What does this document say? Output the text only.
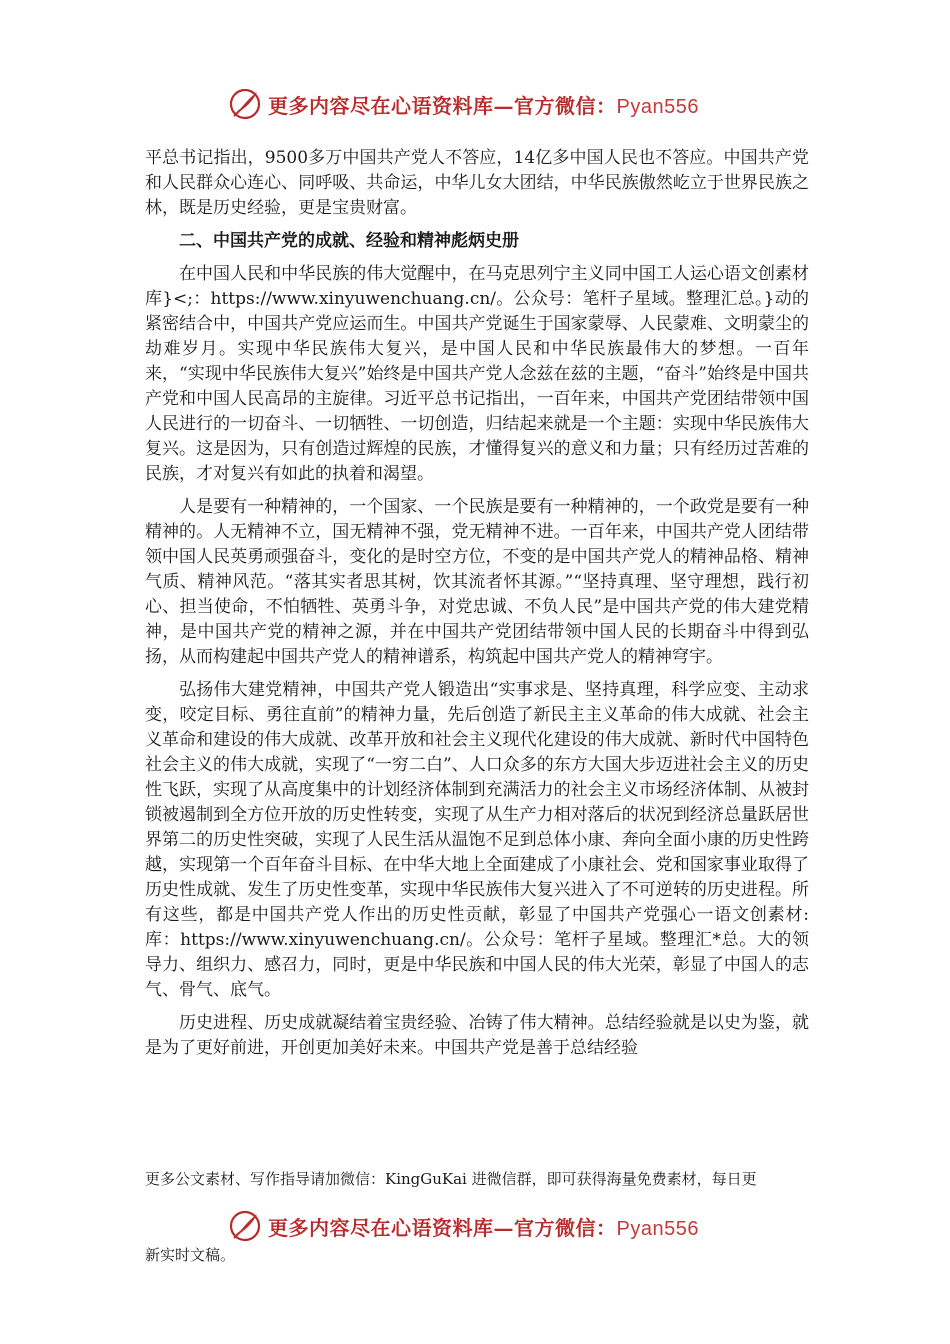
更多内容尽在心语资料库—官方微信：Pyan556

平总书记指出，9500多万中国共产党人不答应，14亿多中国人民也不答应。中国共产党和人民群众心连心、同呼吸、共命运，中华儿女大团结，中华民族傲然屹立于世界民族之林，既是历史经验，更是宝贵财富。

二、中国共产党的成就、经验和精神彪炳史册

在中国人民和中华民族的伟大觉醒中，在马克思列宁主义同中国工人运心语文创素材库}<;：https://www.xinyuwenchuang.cn/。公众号：笔杆子星域。整理汇总。}动的紧密结合中，中国共产党应运而生。中国共产党诞生于国家蒙辱、人民蒙难、文明蒙尘的劫难岁月。实现中华民族伟大复兴，是中国人民和中华民族最伟大的梦想。一百年来，“实现中华民族伟大复兴”始终是中国共产党人念兹在兹的主题，“奋斗”始终是中国共产党和中国人民高昂的主旋律。习近平总书记指出，一百年来，中国共产党团结带领中国人民进行的一切奋斗、一切牺牲、一切创造，归结起来就是一个主题：实现中华民族伟大复兴。这是因为，只有创造过辉煌的民族，才懂得复兴的意义和力量；只有经历过苦难的民族，才对复兴有如此的执着和渴望。

人是要有一种精神的，一个国家、一个民族是要有一种精神的，一个政党是要有一种精神的。人无精神不立，国无精神不强，党无精神不进。一百年来，中国共产党人团结带领中国人民英勇顽强奋斗，变化的是时空方位，不变的是中国共产党人的精神品格、精神气质、精神风范。“落其实者思其树，饮其流者怀其源。”“坚持真理、坚守理想，践行初心、担当使命，不怕牺牲、英勇斗争，对党忠诚、不负人民”是中国共产党的伟大建党精神，是中国共产党的精神之源，并在中国共产党团结带领中国人民的长期奋斗中得到弘扬，从而构建起中国共产党人的精神谱系，构筑起中国共产党人的精神穹宇。

弘扬伟大建党精神，中国共产党人锻造出“实事求是、坚持真理，科学应变、主动求变，咬定目标、勇往直前”的精神力量，先后创造了新民主主义革命的伟大成就、社会主义革命和建设的伟大成就、改革开放和社会主义现代化建设的伟大成就、新时代中国特色社会主义的伟大成就，实现了“一穷二白”、人口众多的东方大国大步迈进社会主义的历史性飞跃，实现了从高度集中的计划经济体制到充满活力的社会主义市场经济体制、从被封锁被遏制到全方位开放的历史性转变，实现了从生产力相对落后的状况到经济总量跃居世界第二的历史性突破，实现了人民生活从温饱不足到总体小康、奔向全面小康的历史性跨越，实现第一个百年奋斗目标、在中华大地上全面建成了小康社会、党和国家事业取得了历史性成就、发生了历史性变革，实现中华民族伟大复兴进入了不可逆转的历史进程。所有这些，都是中国共产党人作出的历史性贡献，彰显了中国共产党强心一语文创素材:库：https://www.xinyuwenchuang.cn/。公众号：笔杆子星域。整理汇*总。大的领导力、组织力、感召力，同时，更是中华民族和中国人民的伟大光荣，彰显了中国人的志气、骨气、底气。

历史进程、历史成就凝结着宝贵经验、冶铸了伟大精神。总结经验就是以史为鉴，就是为了更好前进，开创更加美好未来。中国共产党是善于总结经验

更多公文素材、写作指导请加微信：KingGuKai 进微信群，即可获得海量免费素材，每日更
更多内容尽在心语资料库—官方微信：Pyan556
新实时文稿。
